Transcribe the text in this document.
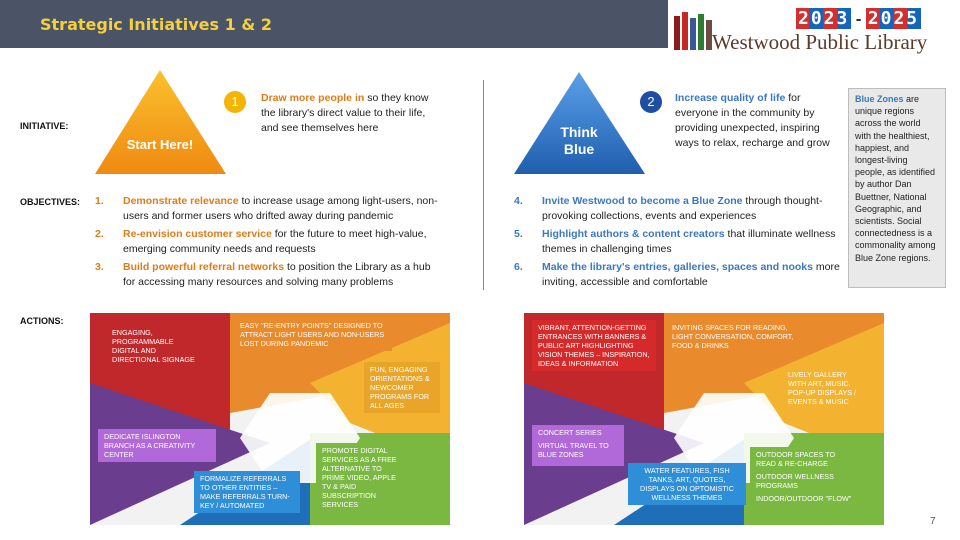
Strategic Initiatives 1 & 2	2023 - 2025
Westwood Public Library
INITIATIVE:
OBJECTIVES:
ACTIONS:
Start Here!
1	Draw more people in so they know the library's direct value to their life, and see themselves here	Think
Blue
2	Increase quality of life for everyone in the community by providing unexpected, inspiring ways to relax, recharge and grow
1. Demonstrate relevance to increase usage among light-users, non-users and former users who drifted away during pandemic
2. Re-envision customer service for the future to meet high-value, emerging community needs and requests
3. Build powerful referral networks to position the Library as a hub for accessing many resources and solving many problems
4. Invite Westwood to become a Blue Zone through thought-provoking collections, events and experiences
5. Highlight authors & content creators that illuminate wellness themes in challenging times
6. Make the library's entries, galleries, spaces and nooks more inviting, accessible and comfortable
Blue Zones are unique regions across the world with the healthiest, happiest, and longest-living people, as identified by author Dan Buettner, National Geographic, and scientists. Social connectedness is a commonality among Blue Zone regions.
ENGAGING, PROGRAMMABLE DIGITAL AND DIRECTIONAL SIGNAGE
EASY "RE-ENTRY POINTS" DESIGNED TO ATTRACT LIGHT USERS AND NON-USERS LOST DURING PANDEMIC
FUN, ENGAGING ORIENTATIONS & NEWCOMER PROGRAMS FOR ALL AGES
DEDICATE ISLINGTON BRANCH AS A CREATIVITY CENTER
FORMALIZE REFERRALS TO OTHER ENTITIES – MAKE REFERRALS TURN-KEY / AUTOMATED
PROMOTE DIGITAL SERVICES AS A FREE ALTERNATIVE TO PRIME VIDEO, APPLE TV & PAID SUBSCRIPTION SERVICES
VIBRANT, ATTENTION-GETTING ENTRANCES WITH BANNERS & PUBLIC ART HIGHLIGHTING VISION THEMES – INSPIRATION, IDEAS & INFORMATION
INVITING SPACES FOR READING, LIGHT CONVERSATION, COMFORT, FOOD & DRINKS
LIVELY GALLERY WITH ART, MUSIC, POP-UP DISPLAYS / EVENTS & MUSIC

CONCERT SERIES

VIRTUAL TRAVEL TO BLUE ZONES

WATER FEATURES, FISH TANKS, ART, QUOTES, DISPLAYS ON OPTOMISTIC WELLNESS THEMES

OUTDOOR SPACES TO READ & RE-CHARGE

OUTDOOR WELLNESS PROGRAMS

INDOOR/OUTDOOR "FLOW"

7
